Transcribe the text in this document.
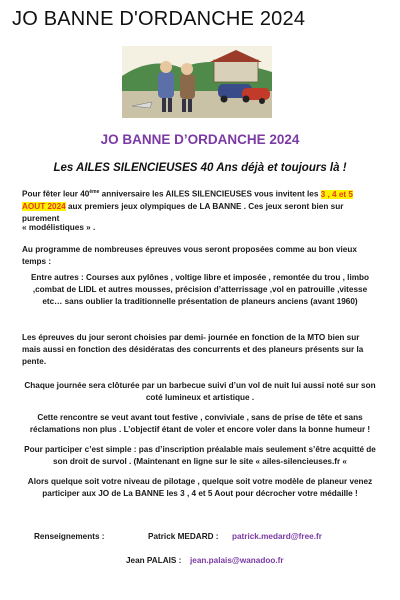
JO BANNE D'ORDANCHE 2024
JO BANNE D’ORDANCHE 2024
Les AILES SILENCIEUSES 40 Ans déjà et toujours là !
Pour fêter leur 40ème anniversaire les AILES SILENCIEUSES vous invitent les 3 , 4 et 5 AOUT 2024 aux premiers jeux olympiques de LA BANNE . Ces jeux seront bien sur purement
« modélistiques » .
Au programme de nombreuses épreuves vous seront proposées comme au bon vieux temps :
Entre autres : Courses aux pylônes , voltige libre et imposée , remontée du trou , limbo ,combat de LIDL et autres mousses, précision d’atterrissage ,vol en patrouille ,vitesse etc… sans oublier la traditionnelle présentation de planeurs anciens (avant 1960)
Les épreuves du jour seront choisies par demi- journée en fonction de la MTO bien sur mais aussi en fonction des désidératas des concurrents et des planeurs présents sur la pente.
Chaque journée sera clôturée par un barbecue suivi d’un vol de nuit lui aussi noté sur son coté lumineux et artistique .
Cette rencontre se veut avant tout festive , conviviale , sans de prise de tête et sans réclamations non plus . L’objectif étant de voler et encore voler dans la bonne humeur !
Pour participer c’est simple : pas d’inscription préalable mais seulement s’être acquitté de son droit de survol . (Maintenant en ligne sur le site « ailes-silencieuses.fr «
Alors quelque soit votre niveau de pilotage , quelque soit votre modèle de planeur venez participer aux JO de La BANNE les 3 , 4 et 5 Aout pour décrocher votre médaille !
Renseignements :	Patrick MEDARD : patrick.medard@free.fr
Jean PALAIS : jean.palais@wanadoo.fr
